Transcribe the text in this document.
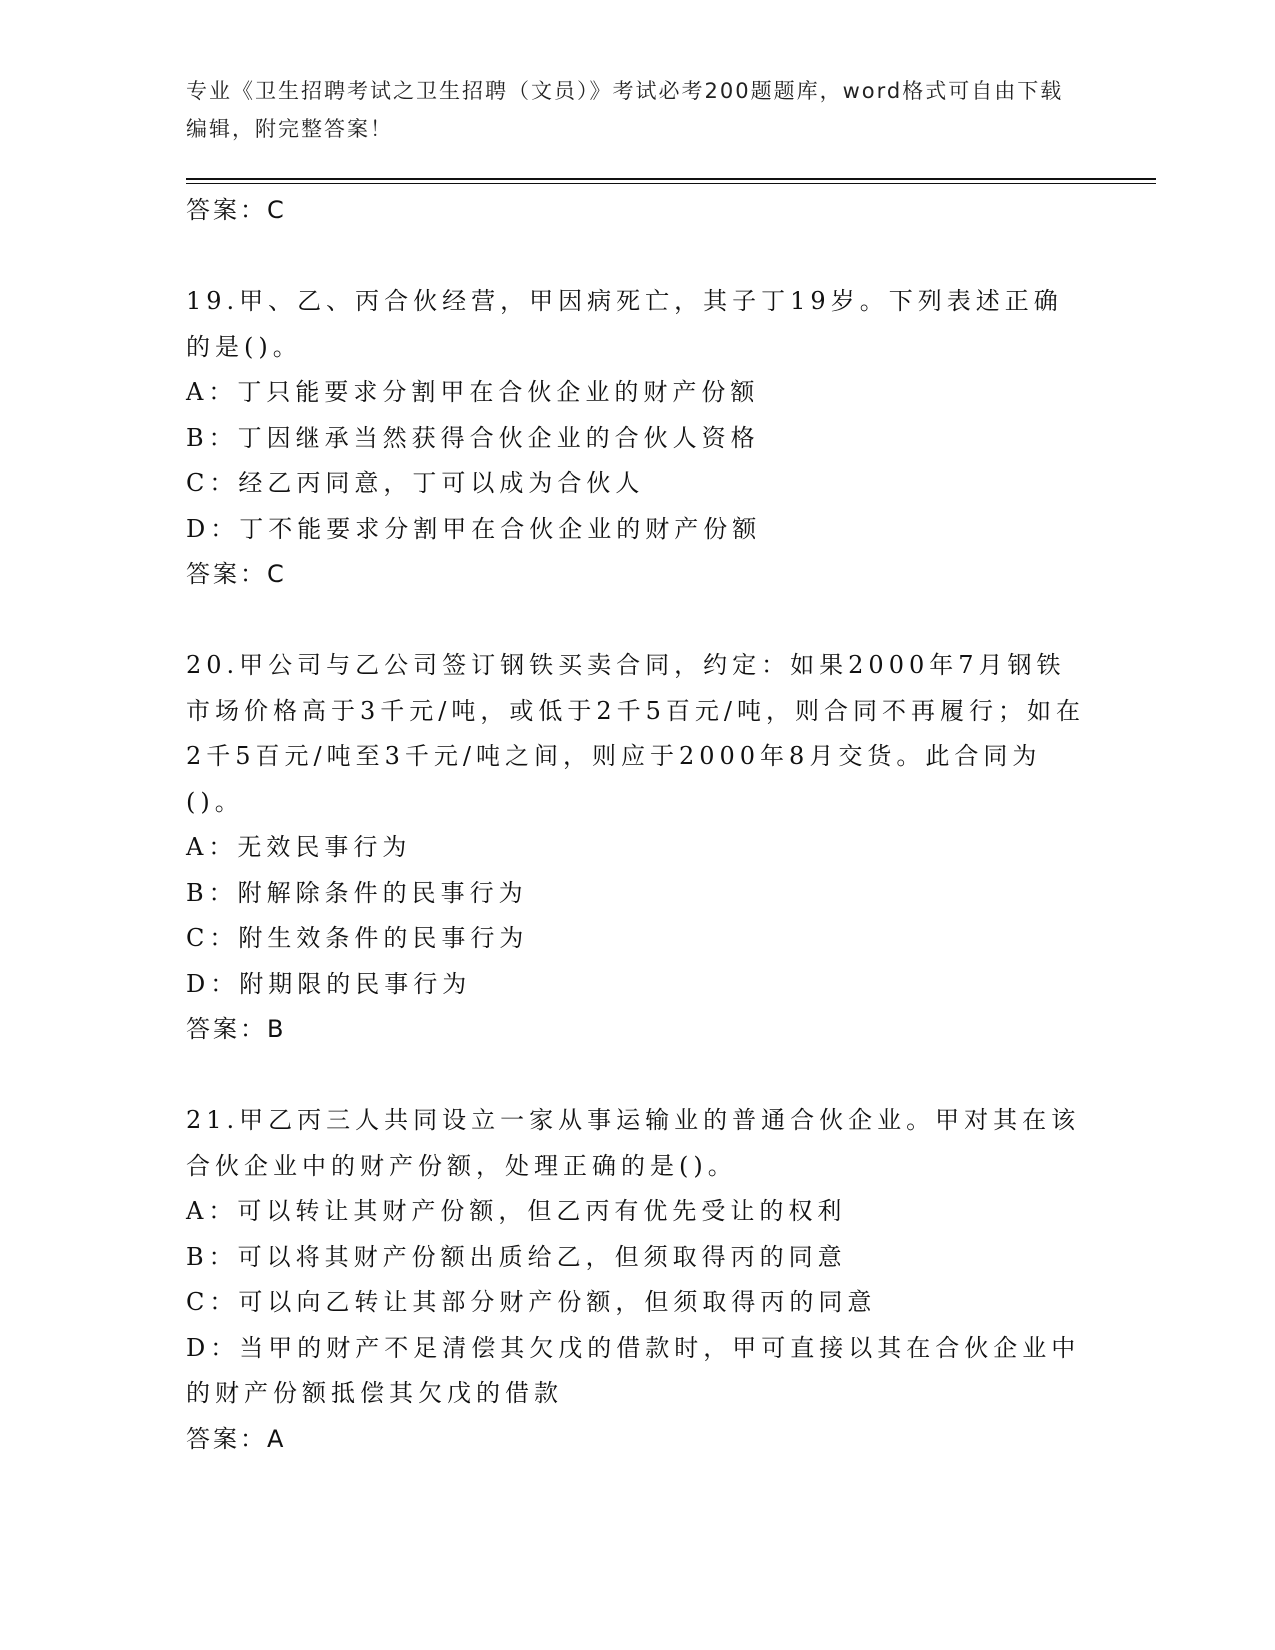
专业《卫生招聘考试之卫生招聘（文员）》考试必考200题题库，word格式可自由下载编辑，附完整答案！

答案：C

19.甲、乙、丙合伙经营，甲因病死亡，其子丁19岁。下列表述正确的是()。

A：丁只能要求分割甲在合伙企业的财产份额

B：丁因继承当然获得合伙企业的合伙人资格

C：经乙丙同意，丁可以成为合伙人

D：丁不能要求分割甲在合伙企业的财产份额

答案：C

20.甲公司与乙公司签订钢铁买卖合同，约定：如果2000年7月钢铁市场价格高于3千元/吨，或低于2千5百元/吨，则合同不再履行；如在2千5百元/吨至3千元/吨之间，则应于2000年8月交货。此合同为()。

A：无效民事行为

B：附解除条件的民事行为

C：附生效条件的民事行为

D：附期限的民事行为

答案：B

21.甲乙丙三人共同设立一家从事运输业的普通合伙企业。甲对其在该合伙企业中的财产份额，处理正确的是()。

A：可以转让其财产份额，但乙丙有优先受让的权利

B：可以将其财产份额出质给乙，但须取得丙的同意

C：可以向乙转让其部分财产份额，但须取得丙的同意

D：当甲的财产不足清偿其欠戊的借款时，甲可直接以其在合伙企业中的财产份额抵偿其欠戊的借款

答案：A
